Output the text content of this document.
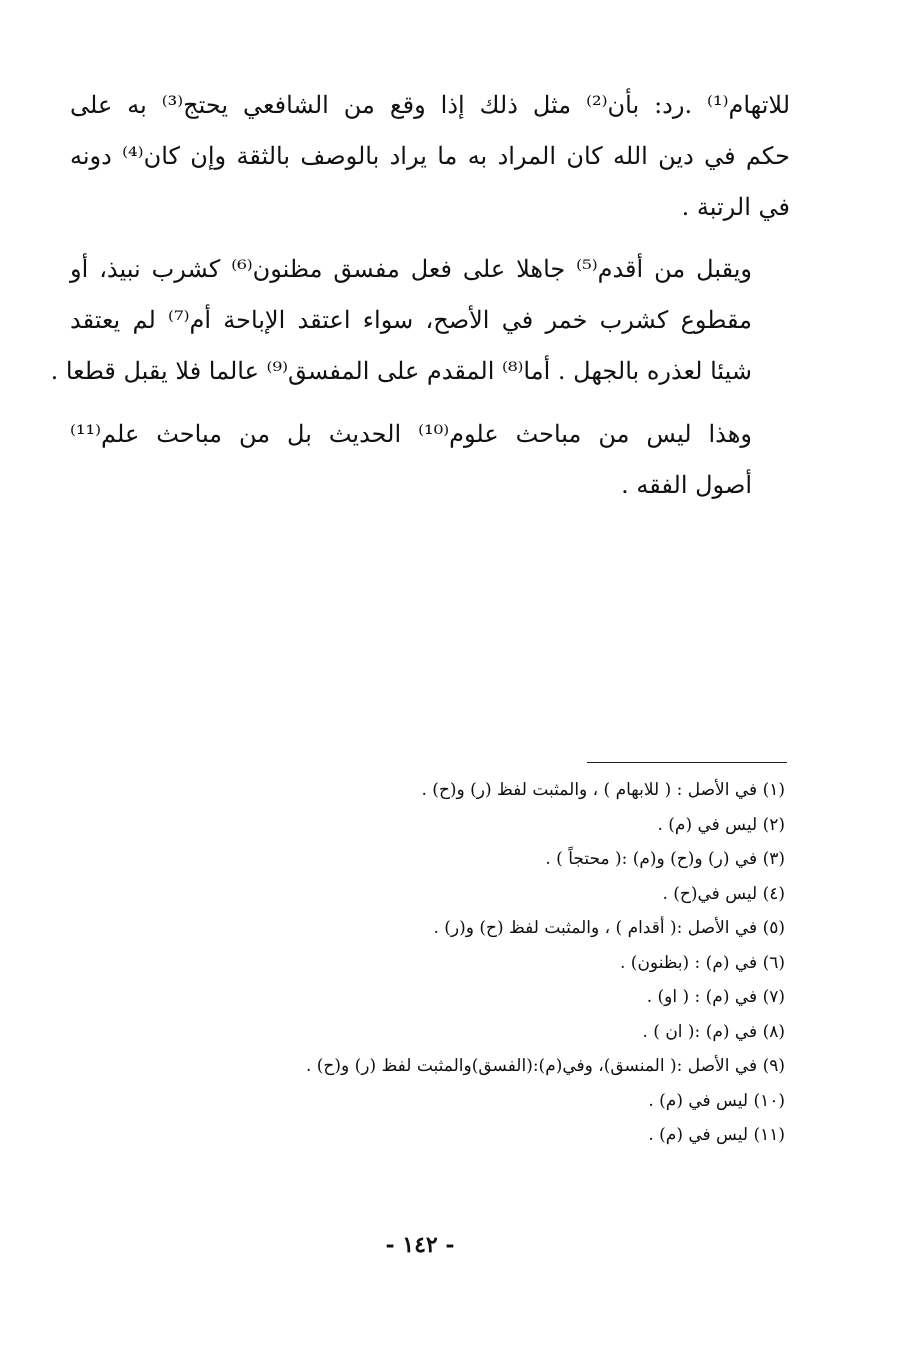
للاتهام⁽¹⁾ .رد: بأن⁽²⁾ مثل ذلك إذا وقع من الشافعي يحتج⁽³⁾ به على
حكم في دين الله كان المراد به ما يراد بالوصف بالثقة وإن كان⁽⁴⁾ دونه
في الرتبة .
ويقبل من أقدم⁽⁵⁾ جاهلا على فعل مفسق مظنون⁽⁶⁾ كشرب نبيذ، أو
مقطوع كشرب خمر في الأصح، سواء اعتقد الإباحة أم⁽⁷⁾ لم يعتقد
شيئا لعذره بالجهل . أما⁽⁸⁾ المقدم على المفسق⁽⁹⁾ عالما فلا يقبل قطعا .
وهذا ليس من مباحث علوم⁽¹⁰⁾ الحديث بل من مباحث علم⁽¹¹⁾
أصول الفقه .
(١) في الأصل : ( للابهام ) ، والمثبت لفظ (ر) و(ح) .
(٢) ليس في (م) .
(٣) في (ر) و(ح) و(م) :( محتجاً ) .
(٤) ليس في(ح) .
(٥) في الأصل :( أقدام ) ، والمثبت لفظ (ح) و(ر) .
(٦) في (م) : (بظنون) .
(٧) في (م) : ( او) .
(٨) في (م) :( ان ) .
(٩) في الأصل :( المنسق)، وفي(م):(الفسق)والمثبت لفظ (ر) و(ح) .
(١٠) ليس في (م) .
(١١) ليس في (م) .
- ١٤٢ -
